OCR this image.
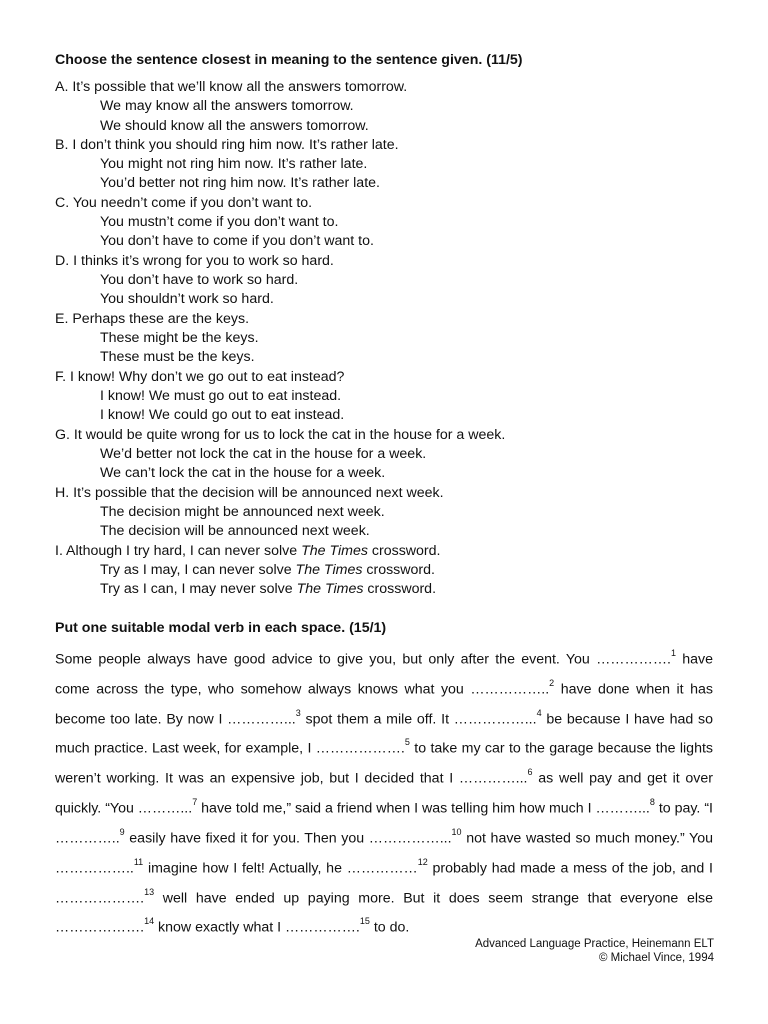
Choose the sentence closest in meaning to the sentence given. (11/5)
A. It’s possible that we’ll know all the answers tomorrow.
We may know all the answers tomorrow.
We should know all the answers tomorrow.
B. I don’t think you should ring him now. It’s rather late.
You might not ring him now. It’s rather late.
You’d better not ring him now. It’s rather late.
C. You needn’t come if you don’t want to.
You mustn’t come if you don’t want to.
You don’t have to come if you don’t want to.
D. I thinks it’s wrong for you to work so hard.
You don’t have to work so hard.
You shouldn’t work so hard.
E. Perhaps these are the keys.
These might be the keys.
These must be the keys.
F. I know! Why don’t we go out to eat instead?
I know! We must go out to eat instead.
I know! We could go out to eat instead.
G. It would be quite wrong for us to lock the cat in the house for a week.
We’d better not lock the cat in the house for a week.
We can’t lock the cat in the house for a week.
H. It’s possible that the decision will be announced next week.
The decision might be announced next week.
The decision will be announced next week.
I. Although I try hard, I can never solve The Times crossword.
Try as I may, I can never solve The Times crossword.
Try as I can, I may never solve The Times crossword.
Put one suitable modal verb in each space. (15/1)
Some people always have good advice to give you, but only after the event. You …………….$^1$ have come across the type, who somehow always knows what you ……………..$^2$ have done when it has become too late. By now I …………...$^3$ spot them a mile off. It ……………...$^4$ be because I have had so much practice. Last week, for example, I ……………….$^5$ to take my car to the garage because the lights weren’t working. It was an expensive job, but I decided that I …………...$^6$ as well pay and get it over quickly. “You ………...$^7$ have told me,” said a friend when I was telling him how much I ………...$^8$ to pay. “I …………..$^9$ easily have fixed it for you. Then you ……………...$^{10}$ not have wasted so much money.” You ……………..$^{11}$ imagine how I felt! Actually, he ……………$^{12}$ probably had made a mess of the job, and I ……………….$^{13}$ well have ended up paying more. But it does seem strange that everyone else ……………….$^{14}$ know exactly what I …………….$^{15}$ to do.
Advanced Language Practice, Heinemann ELT
© Michael Vince, 1994
